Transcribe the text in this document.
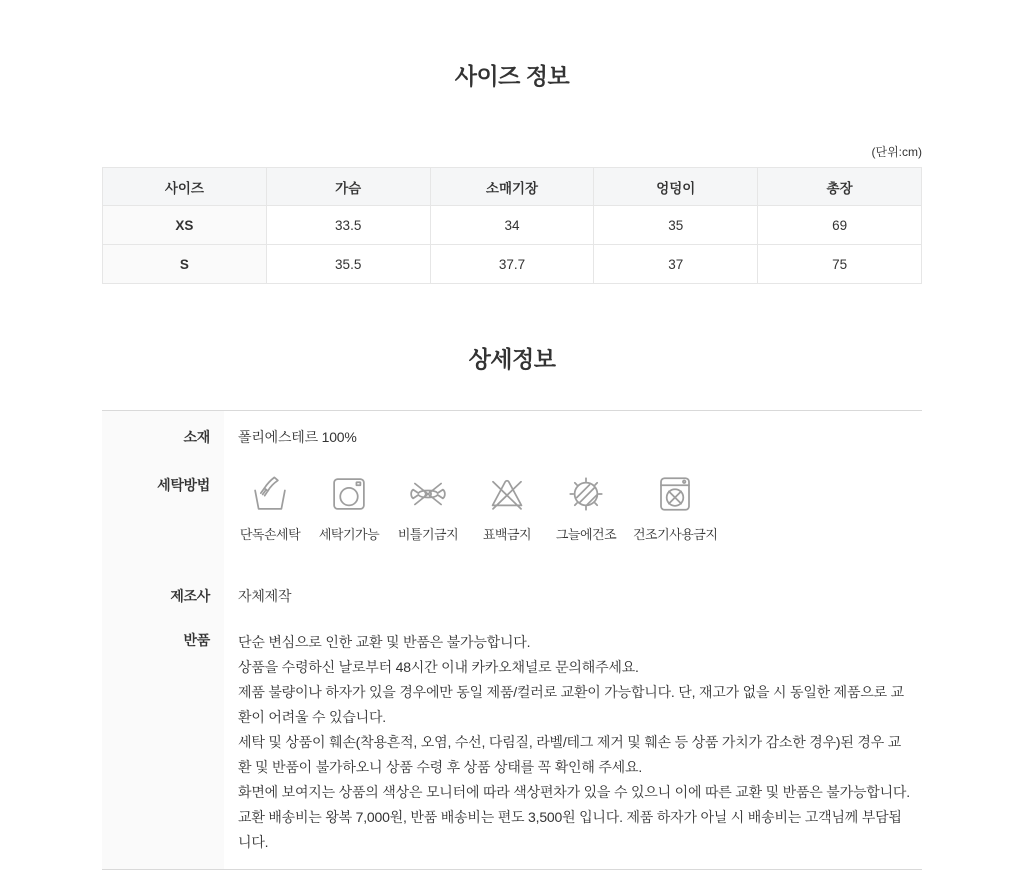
사이즈 정보
(단위:cm)
사이즈	가슴	소매기장	엉덩이	총장
XS	33.5	34	35	69
S	35.5	37.7	37	75
상세정보
소재	폴리에스테르 100%
세탁방법
단독손세탁 세탁기가능 비틀기금지 표백금지 그늘에건조 건조기사용금지
제조사	자체제작
반품	단순 변심으로 인한 교환 및 반품은 불가능합니다.
상품을 수령하신 날로부터 48시간 이내 카카오채널로 문의해주세요.
제품 불량이나 하자가 있을 경우에만 동일 제품/컬러로 교환이 가능합니다. 단, 재고가 없을 시 동일한 제품으로 교환이 어려울 수 있습니다.
세탁 및 상품이 훼손(착용흔적, 오염, 수선, 다림질, 라벨/테그 제거 및 훼손 등 상품 가치가 감소한 경우)된 경우 교환 및 반품이 불가하오니 상품 수령 후 상품 상태를 꼭 확인해 주세요.
화면에 보여지는 상품의 색상은 모니터에 따라 색상편차가 있을 수 있으니 이에 따른 교환 및 반품은 불가능합니다.
교환 배송비는 왕복 7,000원, 반품 배송비는 편도 3,500원 입니다. 제품 하자가 아닐 시 배송비는 고객님께 부담됩니다.
